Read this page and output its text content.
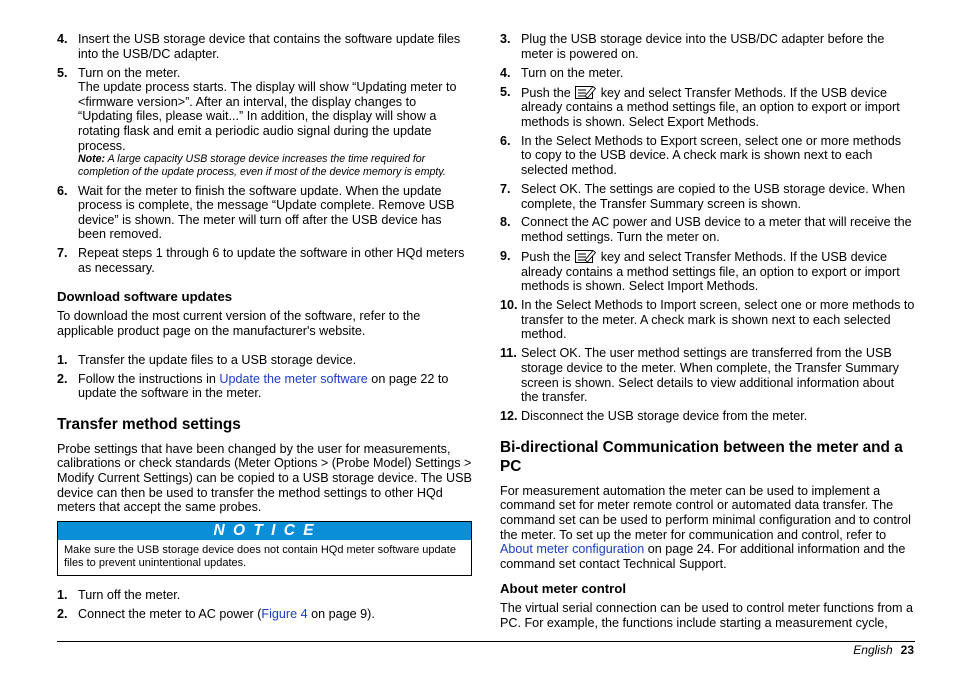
4. Insert the USB storage device that contains the software update files into the USB/DC adapter.
5. Turn on the meter.
The update process starts. The display will show “Updating meter to <firmware version>”. After an interval, the display changes to “Updating files, please wait...” In addition, the display will show a rotating flask and emit a periodic audio signal during the update process.
Note: A large capacity USB storage device increases the time required for completion of the update process, even if most of the device memory is empty.
6. Wait for the meter to finish the software update. When the update process is complete, the message “Update complete. Remove USB device” is shown. The meter will turn off after the USB device has been removed.
7. Repeat steps 1 through 6 to update the software in other HQd meters as necessary.
Download software updates

To download the most current version of the software, refer to the applicable product page on the manufacturer's website.

1. Transfer the update files to a USB storage device.
2. Follow the instructions in Update the meter software on page 22 to update the software in the meter.
Transfer method settings

Probe settings that have been changed by the user for measurements, calibrations or check standards (Meter Options > (Probe Model) Settings > Modify Current Settings) can be copied to a USB storage device. The USB device can then be used to transfer the method settings to other HQd meters that accept the same probes.

N O T I C E
Make sure the USB storage device does not contain HQd meter software update files to prevent unintentional updates.
1. Turn off the meter.
2. Connect the meter to AC power (Figure 4 on page 9).
3. Plug the USB storage device into the USB/DC adapter before the meter is powered on.
4. Turn on the meter.
5. Push the  key and select Transfer Methods. If the USB device already contains a method settings file, an option to export or import methods is shown. Select Export Methods.
6. In the Select Methods to Export screen, select one or more methods to copy to the USB device. A check mark is shown next to each selected method.
7. Select OK. The settings are copied to the USB storage device. When complete, the Transfer Summary screen is shown.
8. Connect the AC power and USB device to a meter that will receive the method settings. Turn the meter on.
9. Push the  key and select Transfer Methods. If the USB device already contains a method settings file, an option to export or import methods is shown. Select Import Methods.
10. In the Select Methods to Import screen, select one or more methods to transfer to the meter. A check mark is shown next to each selected method.
11. Select OK. The user method settings are transferred from the USB storage device to the meter. When complete, the Transfer Summary screen is shown. Select details to view additional information about the transfer.
12. Disconnect the USB storage device from the meter.
Bi-directional Communication between the meter and a PC

For measurement automation the meter can be used to implement a command set for meter remote control or automated data transfer. The command set can be used to perform minimal configuration and to control the meter. To set up the meter for communication and control, refer to About meter configuration on page 24. For additional information and the command set contact Technical Support.

About meter control

The virtual serial connection can be used to control meter functions from a PC. For example, the functions include starting a measurement cycle,

English 23
